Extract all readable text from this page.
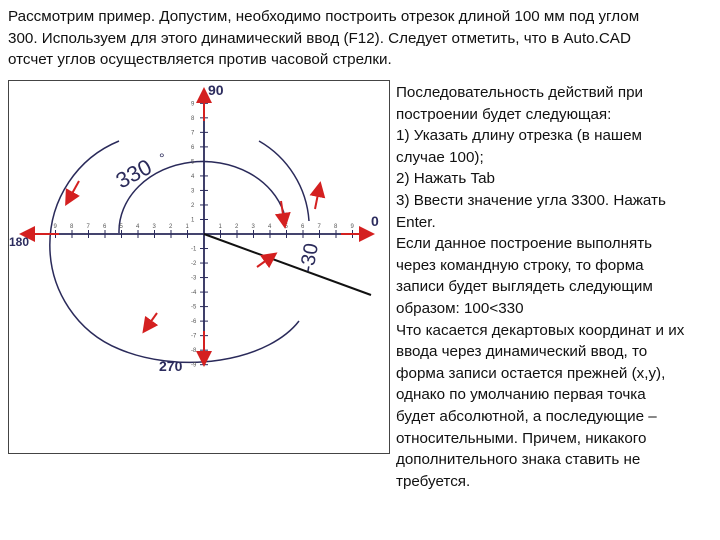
Рассмотрим пример. Допустим, необходимо построить отрезок длиной 100 мм под углом
300. Используем для этого динамический ввод (F12). Следует отметить, что в Auto.CAD
отсчет углов осуществляется против часовой стрелки.
9 8 7 6 5 4 3 2 1	1 2 3 4 5 6 7 8 9
9
8
7
6
5
4
3
2
1
-1
-2
-3
-4
-5
-6
-7
-8
-9
90
180
270
0
330 °
-30
Последовательность действий при
построении будет следующая:
1) Указать длину отрезка (в нашем
случае 100);
2) Нажать Tab
3) Ввести значение угла 3300. Нажать
Enter.
Если данное построение выполнять
через командную строку, то форма
записи будет выглядеть следующим
образом: 100<330
Что касается декартовых координат и их
ввода через динамический ввод, то
форма записи остается прежней (x,y),
однако по умолчанию первая точка
будет абсолютной, а последующие –
относительными. Причем, никакого
дополнительного знака ставить не
требуется.
